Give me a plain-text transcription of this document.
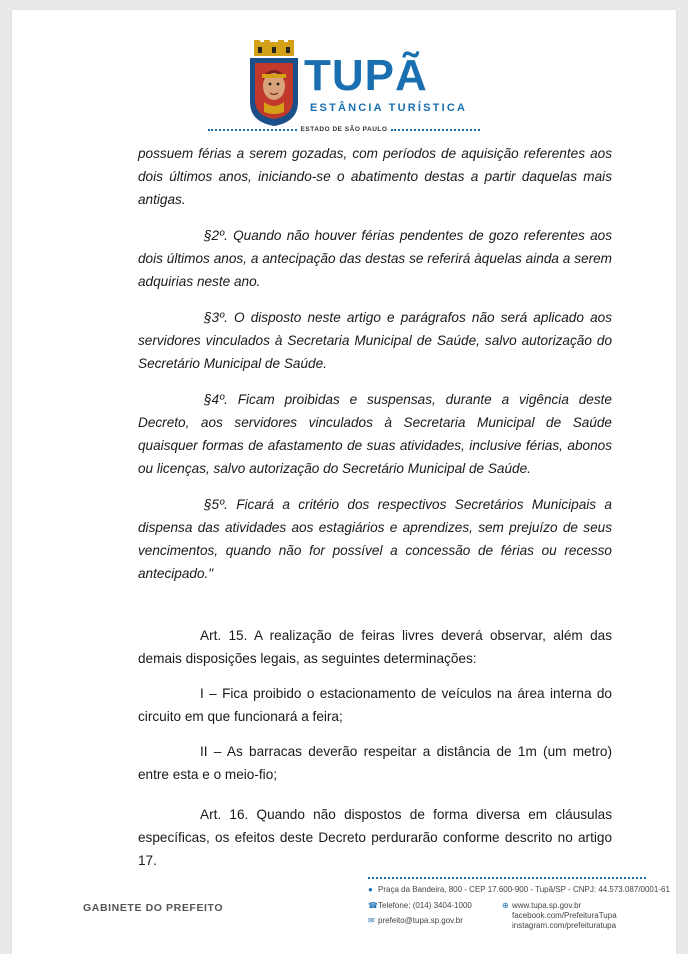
TUPÃ
ESTÂNCIA TURÍSTICA
ESTADO DE SÃO PAULO

possuem férias a serem gozadas, com períodos de aquisição referentes aos dois últimos anos, iniciando-se o abatimento destas a partir daquelas mais antigas.

§2º. Quando não houver férias pendentes de gozo referentes aos dois últimos anos, a antecipação das destas se referirá àquelas ainda a serem adquirias neste ano.

§3º. O disposto neste artigo e parágrafos não será aplicado aos servidores vinculados à Secretaria Municipal de Saúde, salvo autorização do Secretário Municipal de Saúde.

§4º. Ficam proibidas e suspensas, durante a vigência deste Decreto, aos servidores vinculados à Secretaria Municipal de Saúde quaisquer formas de afastamento de suas atividades, inclusive férias, abonos ou licenças, salvo autorização do Secretário Municipal de Saúde.

§5º. Ficará a critério dos respectivos Secretários Municipais a dispensa das atividades aos estagiários e aprendizes, sem prejuízo de seus vencimentos, quando não for possível a concessão de férias ou recesso antecipado."

Art. 15. A realização de feiras livres deverá observar, além das demais disposições legais, as seguintes determinações:
I – Fica proibido o estacionamento de veículos na área interna do circuito em que funcionará a feira;
II – As barracas deverão respeitar a distância de 1m (um metro) entre esta e o meio-fio;
Art. 16. Quando não dispostos de forma diversa em cláusulas específicas, os efeitos deste Decreto perdurarão conforme descrito no artigo 17.
GABINETE DO PREFEITO
● Praça da Bandeira, 800 - CEP 17.600-900 - Tupã/SP - CNPJ: 44.573.087/0001-61
☎Telefone: (014) 3404-1000
✉ prefeito@tupa.sp.gov.br
⊕ www.tupa.sp.gov.br
facebook.com/PrefeituraTupa
instagram.com/prefeituratupa
